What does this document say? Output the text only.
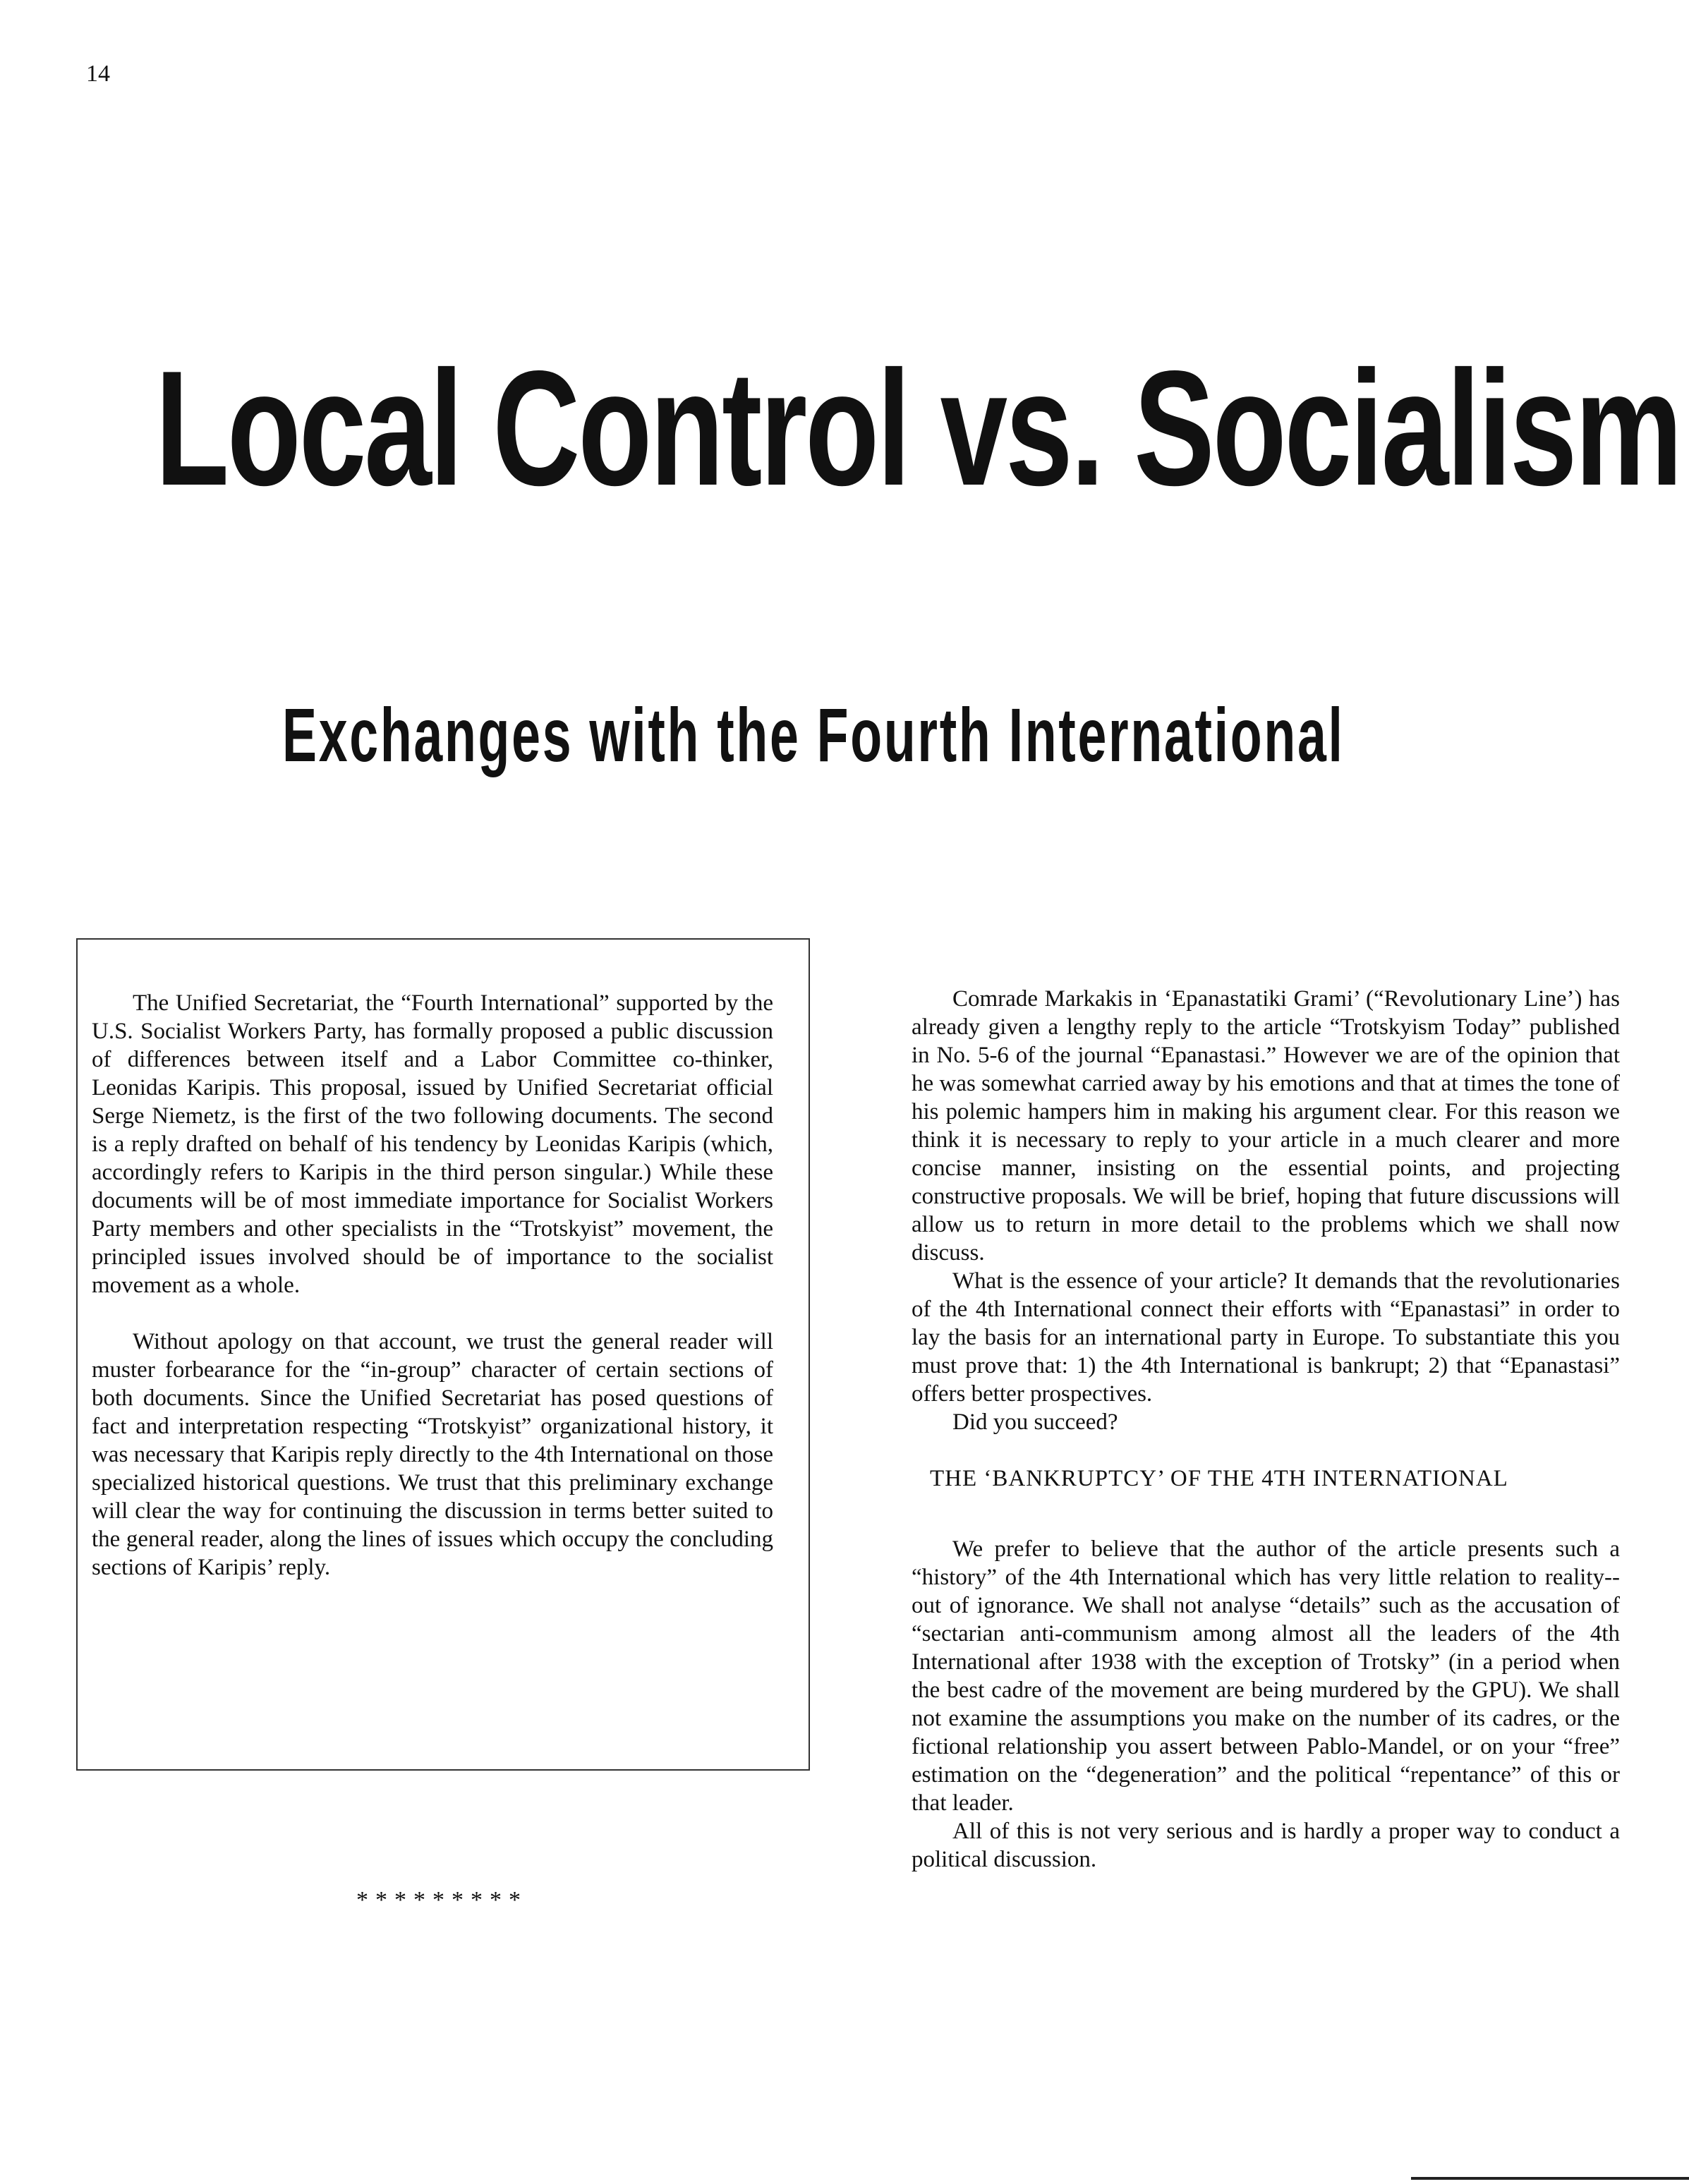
14
Local Control vs. Socialism
Exchanges with the Fourth International

The Unified Secretariat, the “Fourth International” supported by the U.S. Socialist Workers Party, has formally proposed a public discussion of differences between itself and a Labor Committee co-thinker, Leonidas Karipis. This proposal, issued by Unified Secretariat official Serge Niemetz, is the first of the two following documents. The second is a reply drafted on behalf of his tendency by Leonidas Karipis (which, accordingly refers to Karipis in the third person singular.) While these documents will be of most immediate importance for Socialist Workers Party members and other specialists in the “Trotskyist” movement, the principled issues involved should be of importance to the socialist movement as a whole.

Without apology on that account, we trust the general reader will muster forbearance for the “in-group” character of certain sections of both documents. Since the Unified Secretariat has posed questions of fact and interpretation respecting “Trotskyist” organizational history, it was necessary that Karipis reply directly to the 4th International on those specialized historical questions. We trust that this preliminary exchange will clear the way for continuing the discussion in terms better suited to the general reader, along the lines of issues which occupy the concluding sections of Karipis’ reply.

*********

Comrade Markakis in ‘Epanastatiki Grami’ (“Revolutionary Line’) has already given a lengthy reply to the article “Trotskyism Today” published in No. 5-6 of the journal “Epanastasi.” However we are of the opinion that he was somewhat carried away by his emotions and that at times the tone of his polemic hampers him in making his argument clear. For this reason we think it is necessary to reply to your article in a much clearer and more concise manner, insisting on the essential points, and projecting constructive proposals. We will be brief, hoping that future discussions will allow us to return in more detail to the problems which we shall now discuss.

What is the essence of your article? It demands that the revolutionaries of the 4th International connect their efforts with “Epanastasi” in order to lay the basis for an international party in Europe. To substantiate this you must prove that: 1) the 4th International is bankrupt; 2) that “Epanastasi” offers better prospectives.

Did you succeed?

THE ‘BANKRUPTCY’ OF THE 4TH INTERNATIONAL

We prefer to believe that the author of the article presents such a “history” of the 4th International which has very little relation to reality--out of ignorance. We shall not analyse “details” such as the accusation of “sectarian anti-communism among almost all the leaders of the 4th International after 1938 with the exception of Trotsky” (in a period when the best cadre of the movement are being murdered by the GPU). We shall not examine the assumptions you make on the number of its cadres, or the fictional relationship you assert between Pablo-Mandel, or on your “free” estimation on the “degeneration” and the political “repentance” of this or that leader.

All of this is not very serious and is hardly a proper way to conduct a political discussion.
